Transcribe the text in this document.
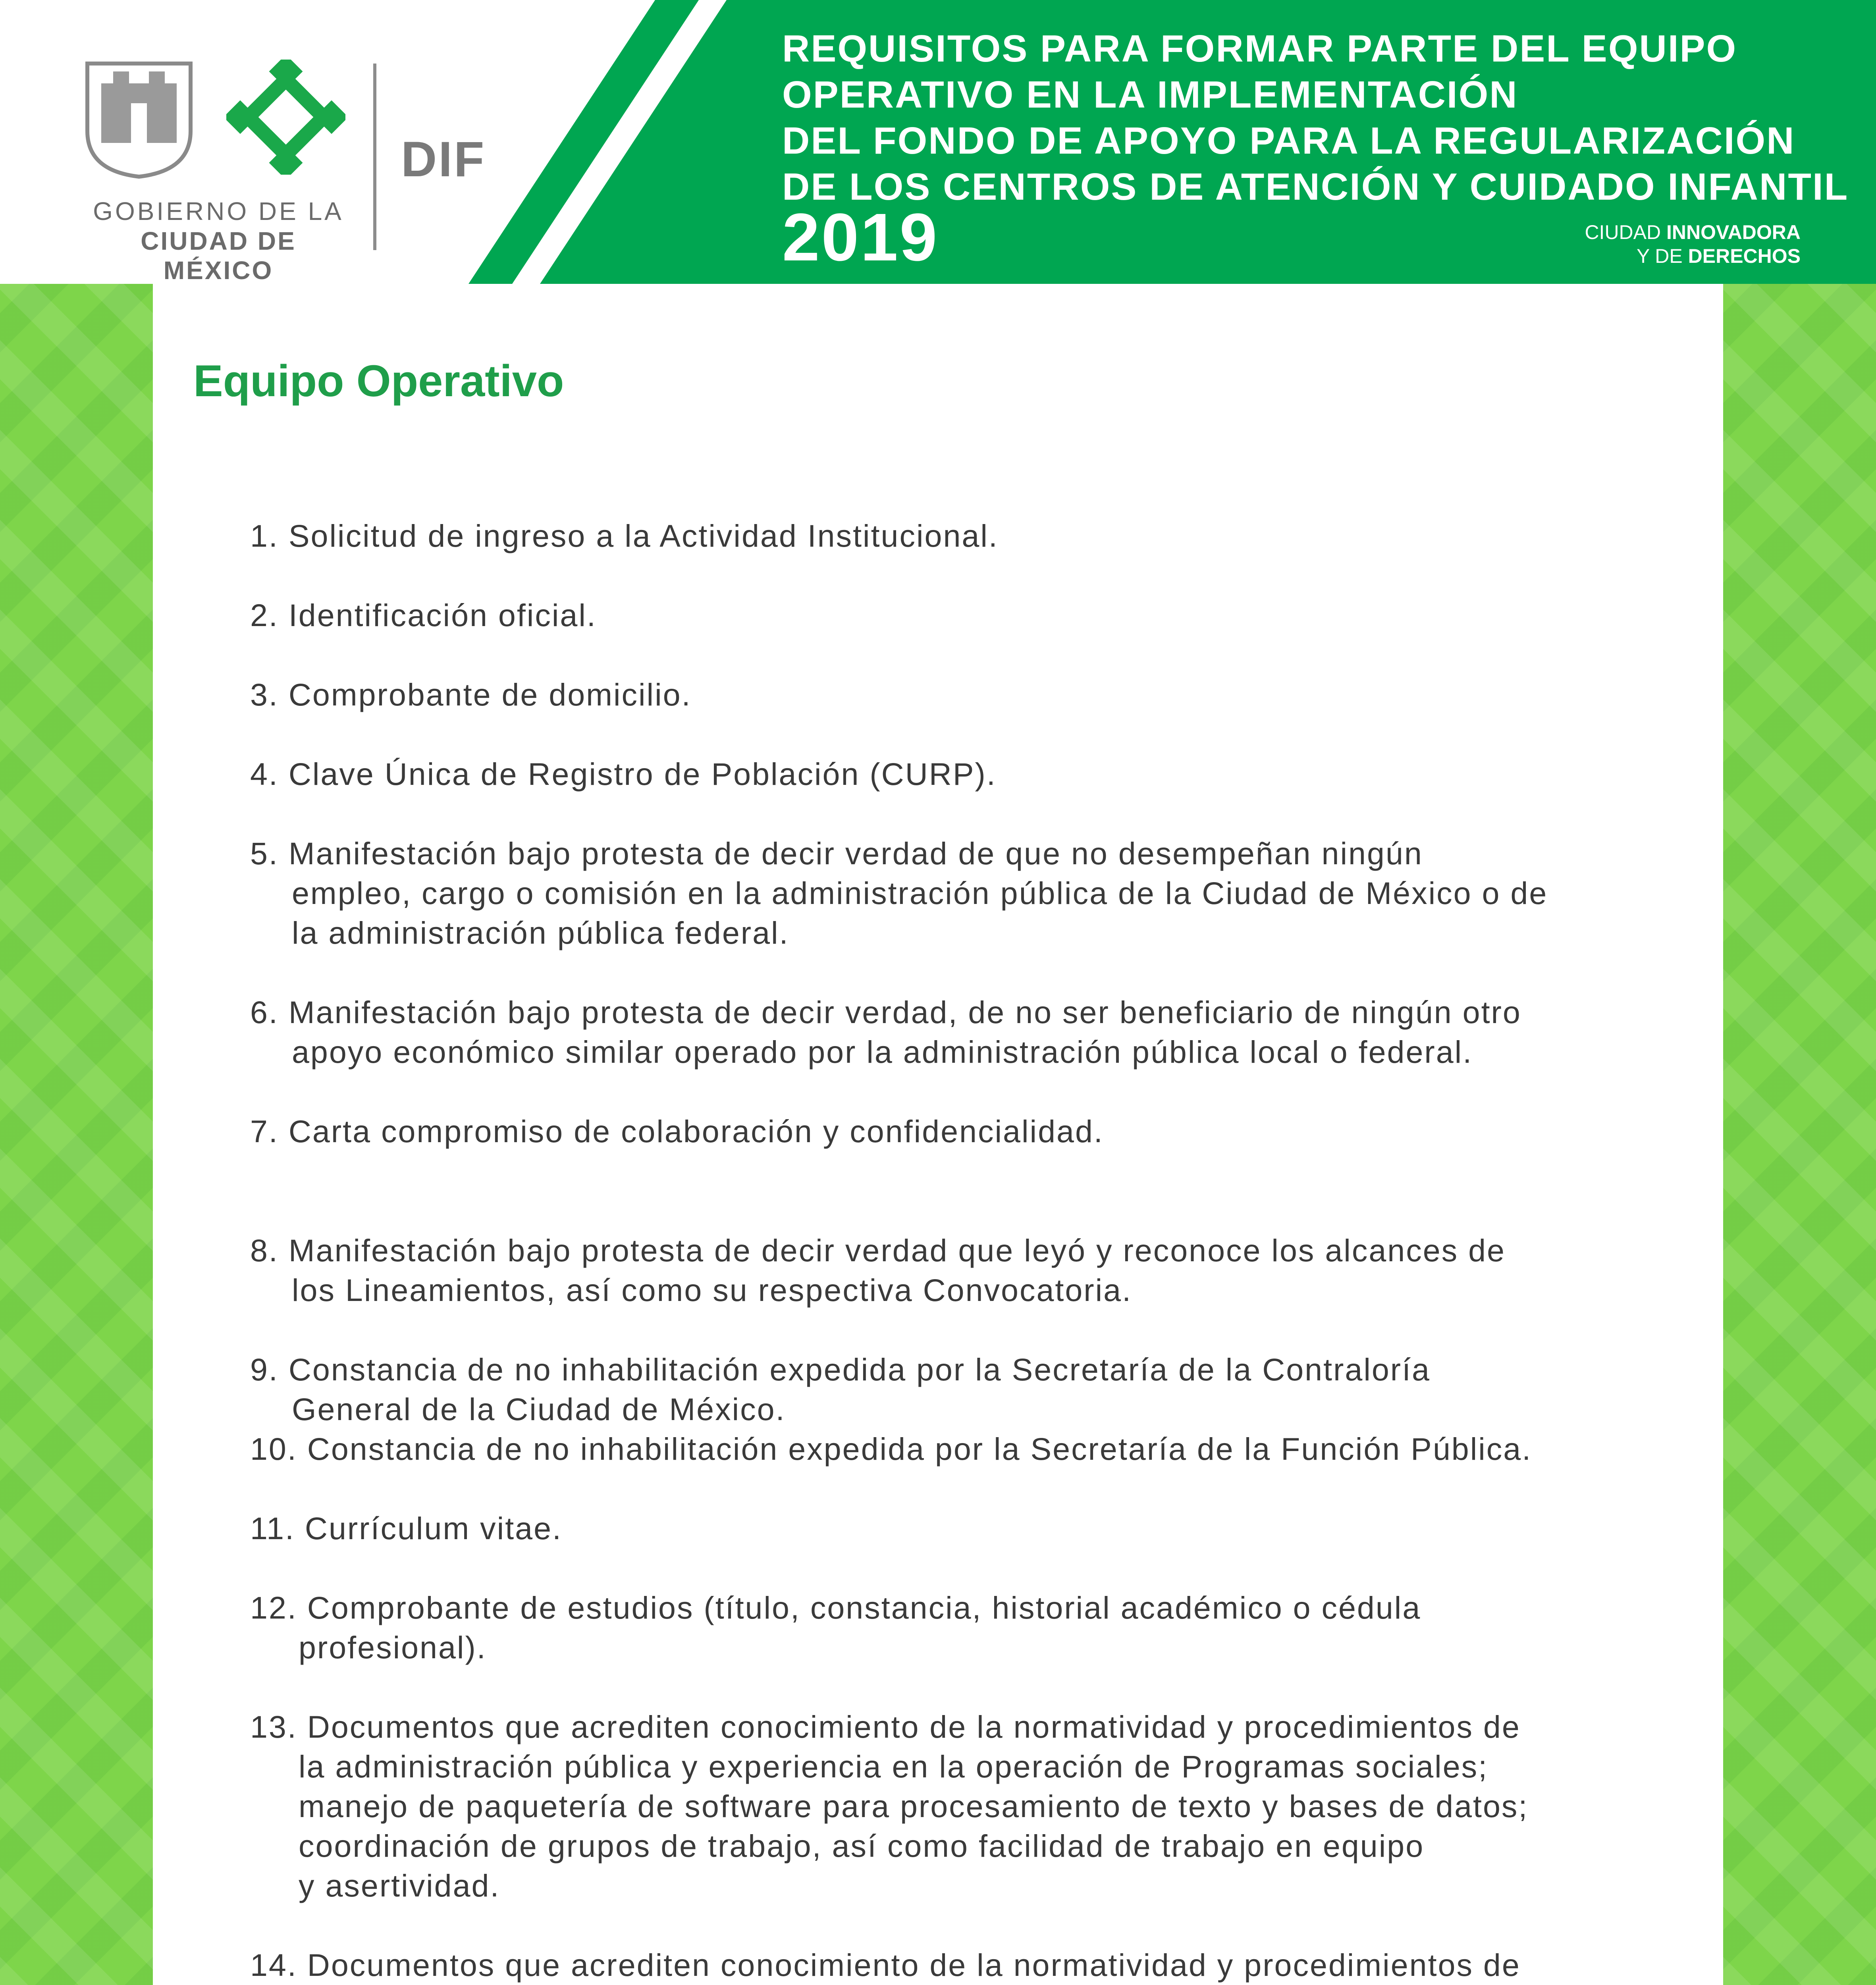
GOBIERNO DE LA
CIUDAD DE MÉXICO
DIF

REQUISITOS PARA FORMAR PARTE DEL EQUIPO

OPERATIVO EN LA IMPLEMENTACIÓN

DEL FONDO DE APOYO PARA LA REGULARIZACIÓN

DE LOS CENTROS DE ATENCIÓN Y CUIDADO INFANTIL

2019	CIUDAD INNOVADORA
Y DE DERECHOS
Equipo Operativo
1. Solicitud de ingreso a la Actividad Institucional.
2. Identificación oficial.
3. Comprobante de domicilio.
4. Clave Única de Registro de Población (CURP).
5. Manifestación bajo protesta de decir verdad de que no desempeñan ningún
empleo, cargo o comisión en la administración pública de la Ciudad de México o de
la administración pública federal.
6. Manifestación bajo protesta de decir verdad, de no ser beneficiario de ningún otro
apoyo económico similar operado por la administración pública local o federal.
7. Carta compromiso de colaboración y confidencialidad.
8. Manifestación bajo protesta de decir verdad que leyó y reconoce los alcances de
los Lineamientos, así como su respectiva Convocatoria.
9. Constancia de no inhabilitación expedida por la Secretaría de la Contraloría
General de la Ciudad de México.
10. Constancia de no inhabilitación expedida por la Secretaría de la Función Pública.
11. Currículum vitae.
12. Comprobante de estudios (título, constancia, historial académico o cédula
profesional).
13. Documentos que acrediten conocimiento de la normatividad y procedimientos de
la administración pública y experiencia en la operación de Programas sociales;
manejo de paquetería de software para procesamiento de texto y bases de datos;
coordinación de grupos de trabajo, así como facilidad de trabajo en equipo
y asertividad.
14. Documentos que acrediten conocimiento de la normatividad y procedimientos de
